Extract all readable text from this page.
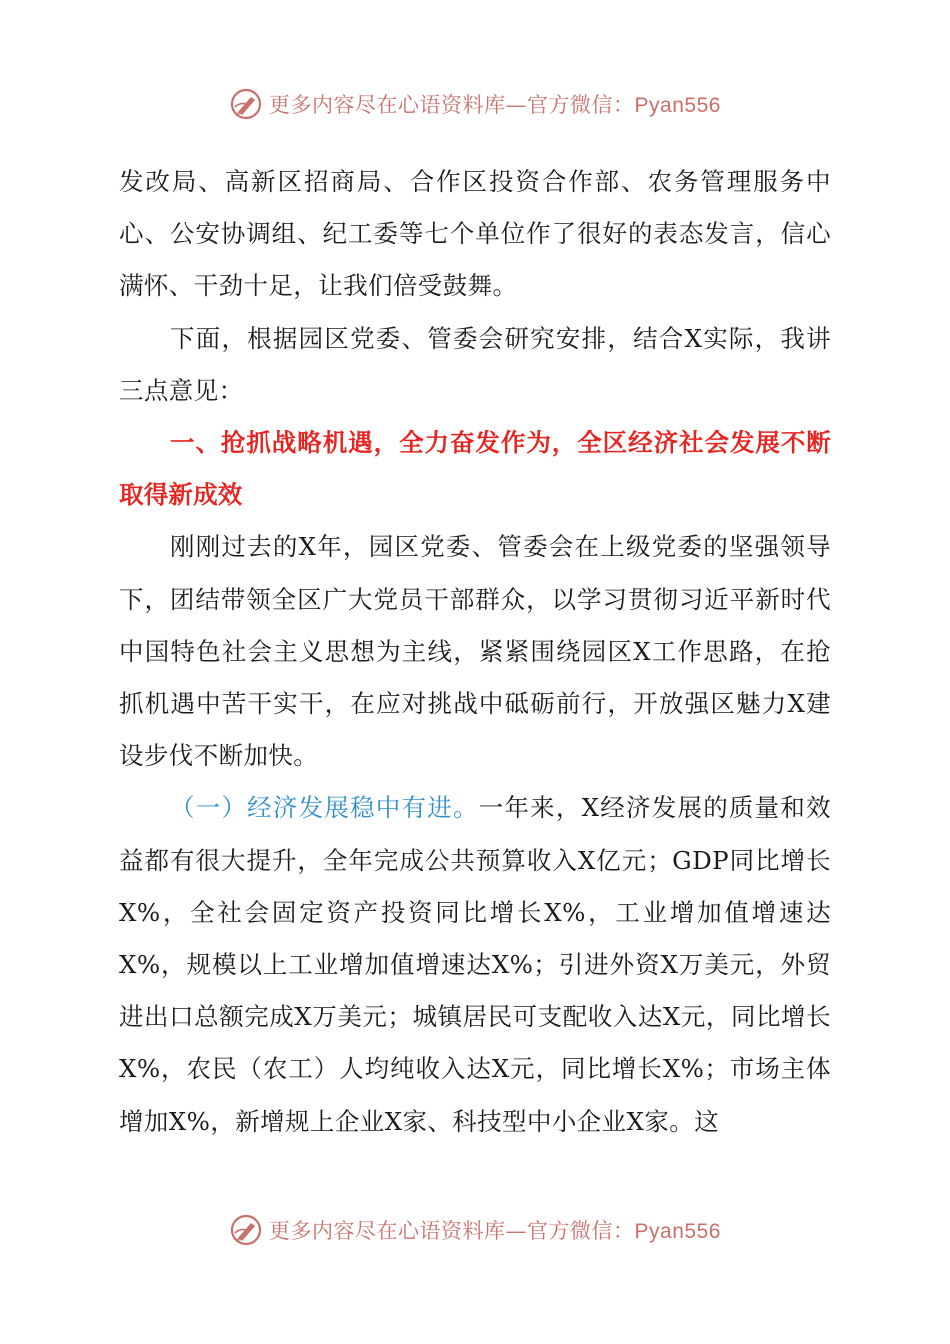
更多内容尽在心语资料库—官方微信：Pyan556

发改局、高新区招商局、合作区投资合作部、农务管理服务中心、公安协调组、纪工委等七个单位作了很好的表态发言，信心满怀、干劲十足，让我们倍受鼓舞。

下面，根据园区党委、管委会研究安排，结合X实际，我讲三点意见：

一、抢抓战略机遇，全力奋发作为，全区经济社会发展不断取得新成效

刚刚过去的X年，园区党委、管委会在上级党委的坚强领导下，团结带领全区广大党员干部群众，以学习贯彻习近平新时代中国特色社会主义思想为主线，紧紧围绕园区X工作思路，在抢抓机遇中苦干实干，在应对挑战中砥砺前行，开放强区魅力X建设步伐不断加快。

（一）经济发展稳中有进。一年来，X经济发展的质量和效益都有很大提升，全年完成公共预算收入X亿元；GDP同比增长X%，全社会固定资产投资同比增长X%，工业增加值增速达X%，规模以上工业增加值增速达X%；引进外资X万美元，外贸进出口总额完成X万美元；城镇居民可支配收入达X元，同比增长X%，农民（农工）人均纯收入达X元，同比增长X%；市场主体增加X%，新增规上企业X家、科技型中小企业X家。这

更多内容尽在心语资料库—官方微信：Pyan556
